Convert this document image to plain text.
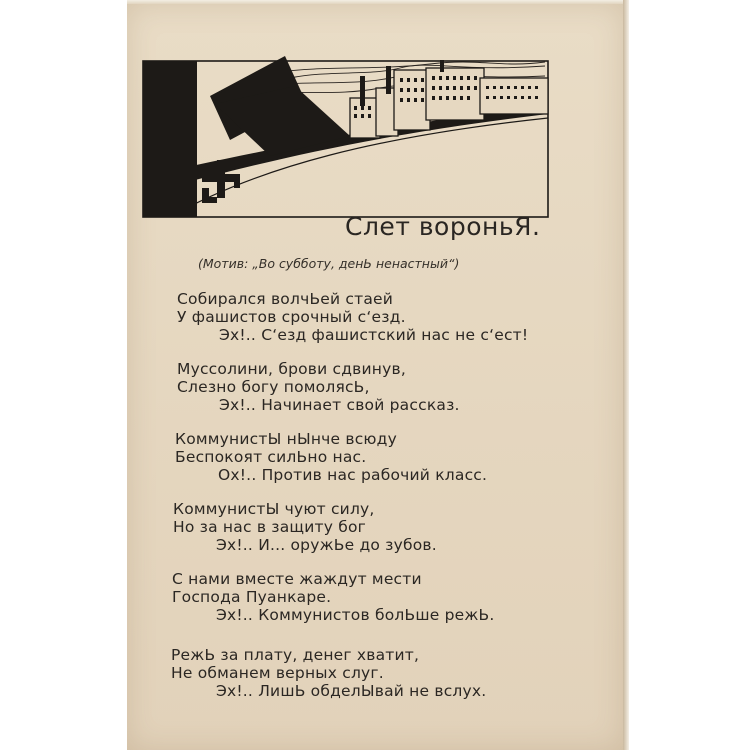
Слет вороньЯ.
(Мотив: „Во субботу, денЬ ненастный“)
Собирался волчЬей стаей
У фашистов срочный с‘езд.
Эх!.. С‘езд фашистский нас не с‘ест!
Муссолини, брови сдвинув,
Слезно богу помолясЬ,
Эх!.. Начинает свой рассказ.
КоммунистЫ нЫнче всюду
Беспокоят силЬно нас.
Ох!.. Против нас рабочий класс.
КоммунистЫ чуют силу,
Но за нас в защиту бог
Эх!.. И... оружЬе до зубов.
С нами вместе жаждут мести
Господа Пуанкаре.
Эх!.. Коммунистов болЬше режЬ.
РежЬ за плату, денег хватит,
Не обманем верных слуг.
Эх!.. ЛишЬ обделЫвай не вслух.
